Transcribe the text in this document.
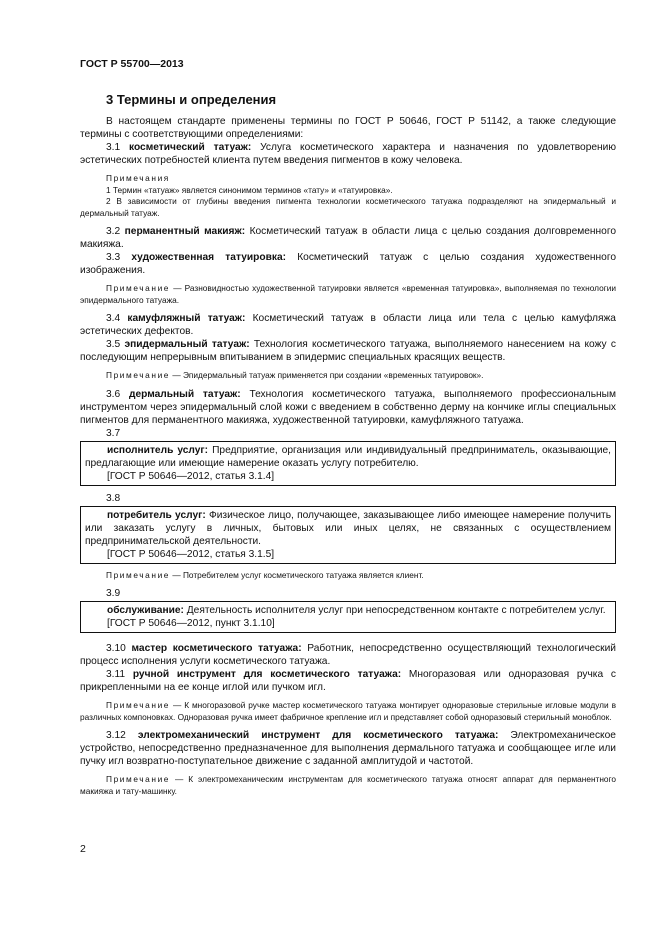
ГОСТ Р 55700—2013
3 Термины и определения

В настоящем стандарте применены термины по ГОСТ Р 50646, ГОСТ Р 51142, а также следующие термины с соответствующими определениями:

3.1 косметический татуаж: Услуга косметического характера и назначения по удовлетворению эстетических потребностей клиента путем введения пигментов в кожу человека.

Примечания

1 Термин «татуаж» является синонимом терминов «тату» и «татуировка».

2 В зависимости от глубины введения пигмента технологии косметического татуажа подразделяют на эпидермальный и дермальный татуаж.

3.2 перманентный макияж: Косметический татуаж в области лица с целью создания долговременного макияжа.

3.3 художественная татуировка: Косметический татуаж с целью создания художественного изображения.

Примечание — Разновидностью художественной татуировки является «временная татуировка», выполняемая по технологии эпидермального татуажа.

3.4 камуфляжный татуаж: Косметический татуаж в области лица или тела с целью камуфляжа эстетических дефектов.

3.5 эпидермальный татуаж: Технология косметического татуажа, выполняемого нанесением на кожу с последующим непрерывным впитыванием в эпидермис специальных красящих веществ.

Примечание — Эпидермальный татуаж применяется при создании «временных татуировок».

3.6 дермальный татуаж: Технология косметического татуажа, выполняемого профессиональным инструментом через эпидермальный слой кожи с введением в собственно дерму на кончике иглы специальных пигментов для перманентного макияжа, художественной татуировки, камуфляжного татуажа.

3.7

исполнитель услуг: Предприятие, организация или индивидуальный предприниматель, оказывающие, предлагающие или имеющие намерение оказать услугу потребителю.

[ГОСТ Р 50646—2012, статья 3.1.4]

3.8

потребитель услуг: Физическое лицо, получающее, заказывающее либо имеющее намерение получить или заказать услугу в личных, бытовых или иных целях, не связанных с осуществлением предпринимательской деятельности.

[ГОСТ Р 50646—2012, статья 3.1.5]

Примечание — Потребителем услуг косметического татуажа является клиент.

3.9

обслуживание: Деятельность исполнителя услуг при непосредственном контакте с потребителем услуг.

[ГОСТ Р 50646—2012, пункт 3.1.10]

3.10 мастер косметического татуажа: Работник, непосредственно осуществляющий технологический процесс исполнения услуги косметического татуажа.

3.11 ручной инструмент для косметического татуажа: Многоразовая или одноразовая ручка с прикрепленными на ее конце иглой или пучком игл.

Примечание — К многоразовой ручке мастер косметического татуажа монтирует одноразовые стерильные игловые модули в различных компоновках. Одноразовая ручка имеет фабричное крепление игл и представляет собой одноразовый стерильный моноблок.

3.12 электромеханический инструмент для косметического татуажа: Электромеханическое устройство, непосредственно предназначенное для выполнения дермального татуажа и сообщающее игле или пучку игл возвратно-поступательное движение с заданной амплитудой и частотой.

Примечание — К электромеханическим инструментам для косметического татуажа относят аппарат для перманентного макияжа и тату-машинку.

2
